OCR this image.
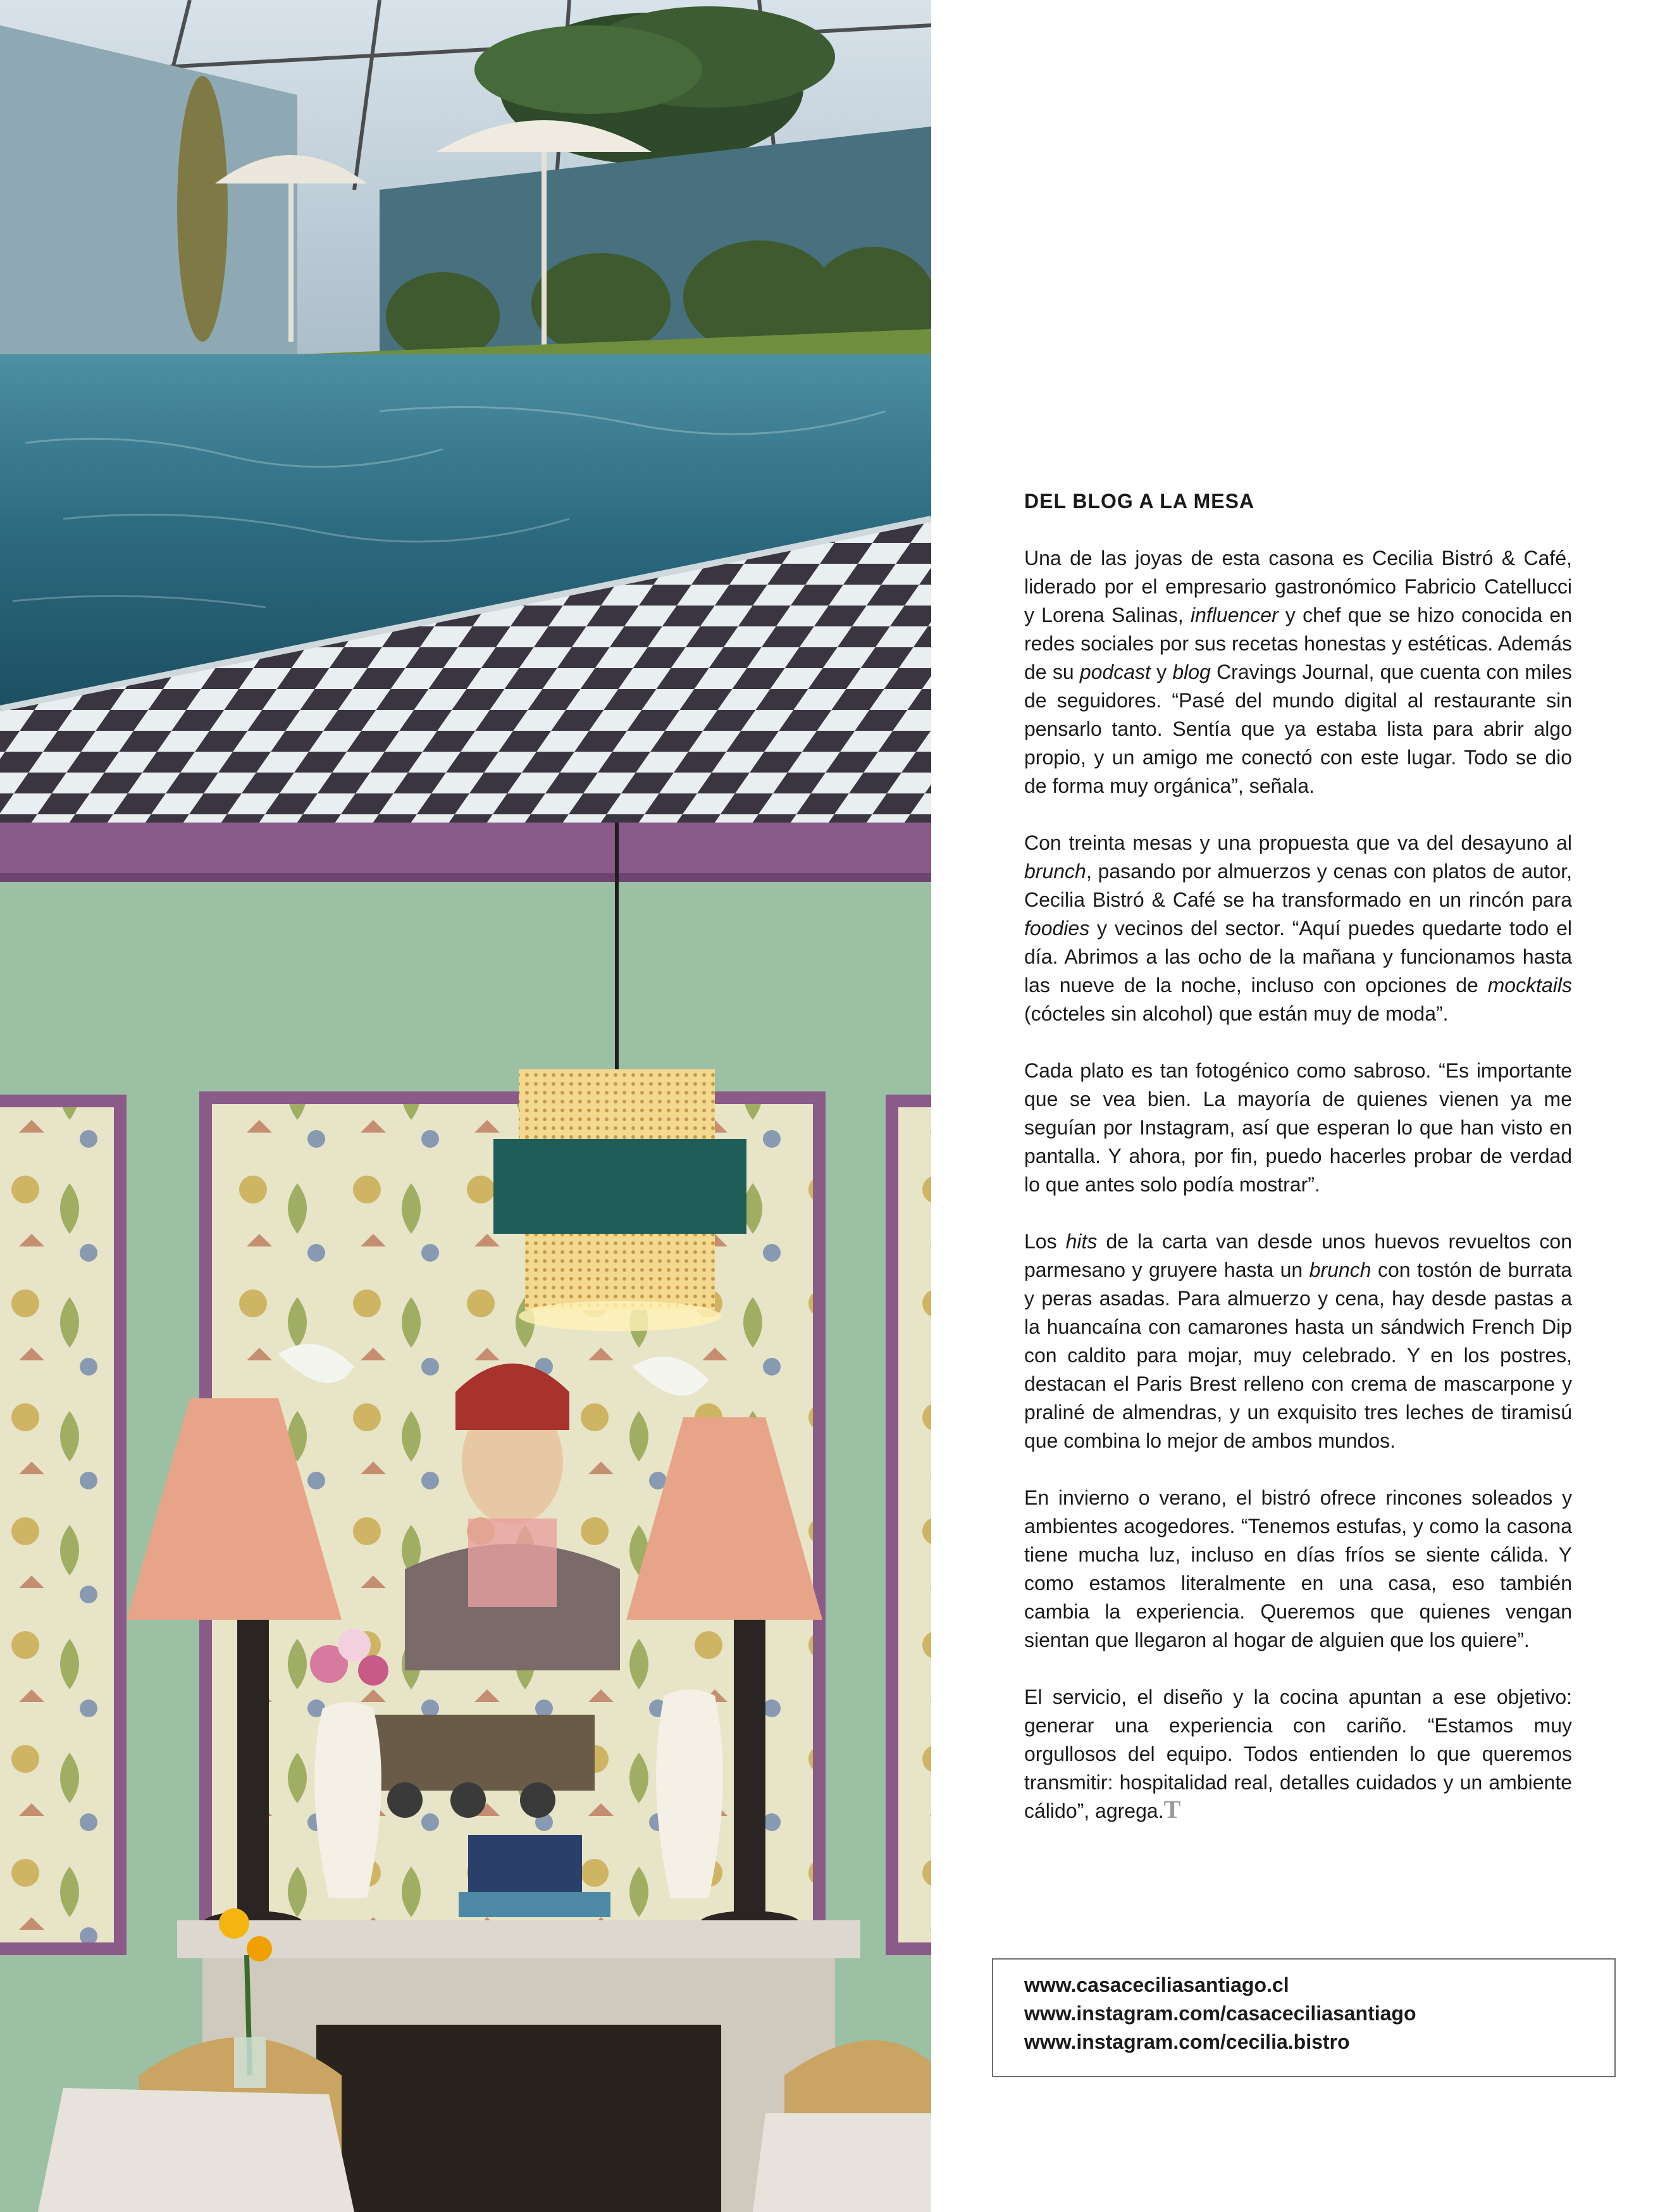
DEL BLOG A LA MESA

Una de las joyas de esta casona es Cecilia Bistró & Café, liderado por el empresario gastronómico Fabricio Catellucci y Lorena Salinas, influencer y chef que se hizo conocida en redes sociales por sus recetas honestas y estéticas. Además de su podcast y blog Cravings Journal, que cuenta con miles de seguidores. “Pasé del mundo digital al restaurante sin pensarlo tanto. Sentía que ya estaba lista para abrir algo propio, y un amigo me conectó con este lugar. Todo se dio de forma muy orgánica”, señala.

Con treinta mesas y una propuesta que va del desayuno al brunch, pasando por almuerzos y cenas con platos de autor, Cecilia Bistró & Café se ha transformado en un rincón para foodies y vecinos del sector. “Aquí puedes quedarte todo el día. Abrimos a las ocho de la mañana y funcionamos hasta las nueve de la noche, incluso con opciones de mocktails (cócteles sin alcohol) que están muy de moda”.

Cada plato es tan fotogénico como sabroso. “Es importante que se vea bien. La mayoría de quienes vienen ya me seguían por Instagram, así que esperan lo que han visto en pantalla. Y ahora, por fin, puedo hacerles probar de verdad lo que antes solo podía mostrar”.

Los hits de la carta van desde unos huevos revueltos con parmesano y gruyere hasta un brunch con tostón de burrata y peras asadas. Para almuerzo y cena, hay desde pastas a la huancaína con camarones hasta un sándwich French Dip con caldito para mojar, muy celebrado. Y en los postres, destacan el Paris Brest relleno con crema de mascarpone y praliné de almendras, y un exquisito tres leches de tiramisú que combina lo mejor de ambos mundos.

En invierno o verano, el bistró ofrece rincones soleados y ambientes acogedores. “Tenemos estufas, y como la casona tiene mucha luz, incluso en días fríos se siente cálida. Y como estamos literalmente en una casa, eso también cambia la experiencia. Queremos que quienes vengan sientan que llegaron al hogar de alguien que los quiere”.

El servicio, el diseño y la cocina apuntan a ese objetivo: generar una experiencia con cariño. “Estamos muy orgullosos del equipo. Todos entienden lo que queremos transmitir: hospitalidad real, detalles cuidados y un ambiente cálido”, agrega.T

www.casaceciliasantiago.cl
www.instagram.com/casaceciliasantiago
www.instagram.com/cecilia.bistro
